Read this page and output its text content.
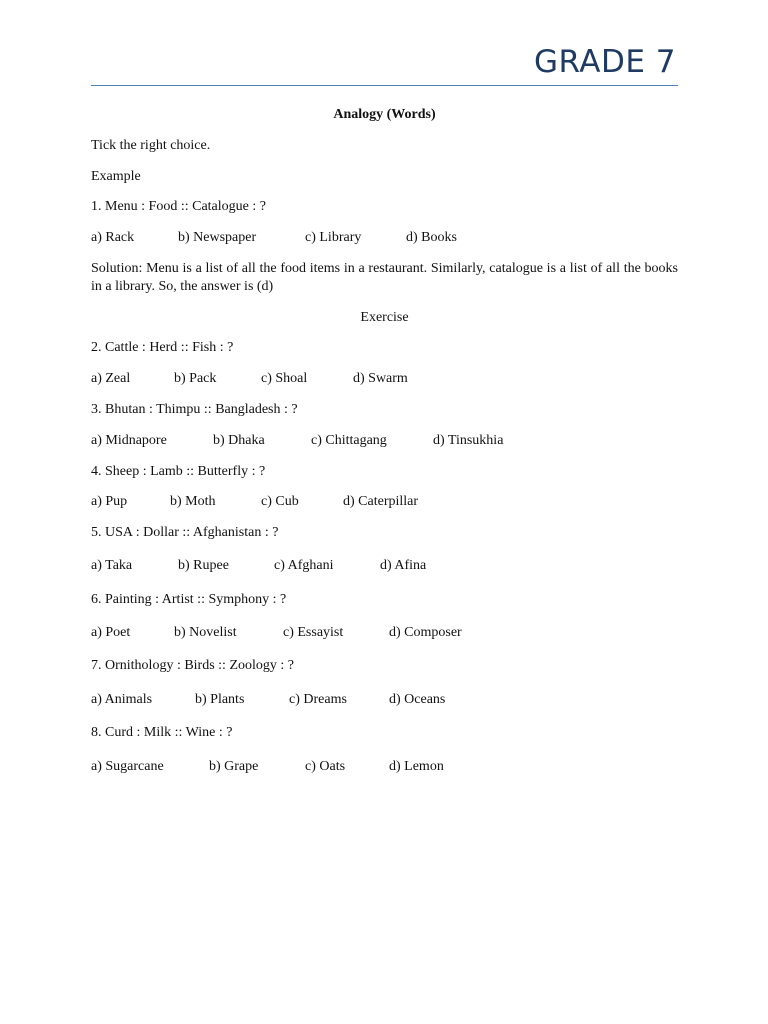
GRADE 7
Analogy (Words)
Tick the right choice.
Example
1. Menu : Food :: Catalogue : ?
a) Rack	b) Newspaper	c) Library	d) Books
Solution: Menu is a list of all the food items in a restaurant. Similarly, catalogue is a list of all the books in a library. So, the answer is (d)
Exercise
2. Cattle : Herd :: Fish : ?
a) Zeal	b) Pack	c) Shoal	d) Swarm
3. Bhutan : Thimpu :: Bangladesh : ?
a) Midnapore	b) Dhaka	c) Chittagang	d) Tinsukhia
4. Sheep : Lamb :: Butterfly : ?
a) Pup	b) Moth	c) Cub	d) Caterpillar
5. USA : Dollar :: Afghanistan : ?
a) Taka	b) Rupee	c) Afghani	d) Afina
6. Painting : Artist :: Symphony : ?
a) Poet	b) Novelist	c) Essayist	d) Composer
7. Ornithology : Birds :: Zoology : ?
a) Animals	b) Plants	c) Dreams	d) Oceans
8. Curd : Milk :: Wine : ?
a) Sugarcane	b) Grape	c) Oats	d) Lemon
